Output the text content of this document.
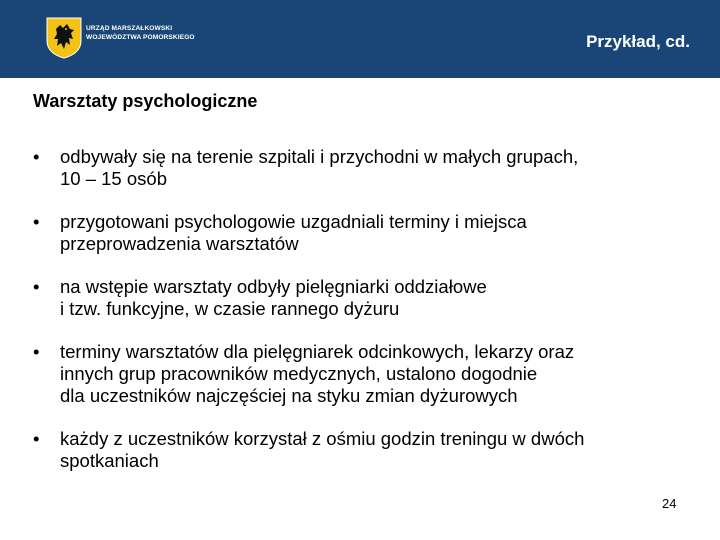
URZĄD MARSZAŁKOWSKI
WOJEWÓDZTWA POMORSKIEGO	Przykład, cd.
Warsztaty psychologiczne
• odbywały się na terenie szpitali i przychodni w małych grupach,
10 – 15 osób
• przygotowani psychologowie uzgadniali terminy i miejsca
przeprowadzenia warsztatów
• na wstępie warsztaty odbyły pielęgniarki oddziałowe
i tzw. funkcyjne, w czasie rannego dyżuru
• terminy warsztatów dla pielęgniarek odcinkowych, lekarzy oraz
innych grup pracowników medycznych, ustalono dogodnie
dla uczestników najczęściej na styku zmian dyżurowych
• każdy z uczestników korzystał z ośmiu godzin treningu w dwóch
spotkaniach
24
